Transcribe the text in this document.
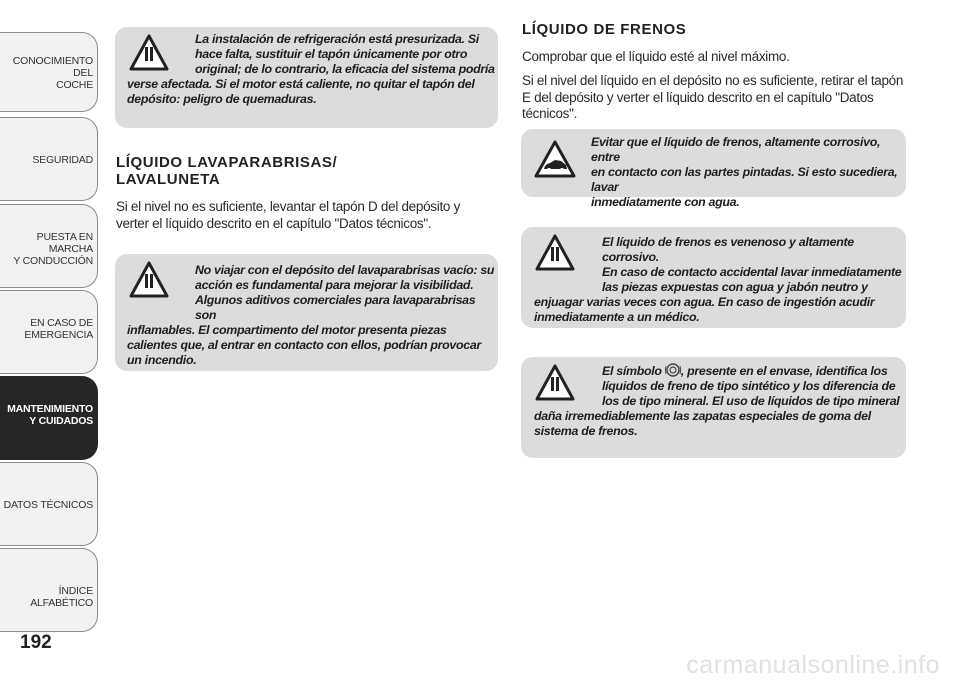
CONOCIMIENTO DEL
COCHE
SEGURIDAD
PUESTA EN MARCHA
Y CONDUCCIÓN
EN CASO DE
EMERGENCIA
MANTENIMIENTO
Y CUIDADOS
DATOS TÉCNICOS
ÍNDICE ALFABÉTICO
192
La instalación de refrigeración está presurizada. Si
hace falta, sustituir el tapón únicamente por otro
original; de lo contrario, la eficacia del sistema podría
verse afectada. Si el motor está caliente, no quitar el tapón del
depósito: peligro de quemaduras.
LÍQUIDO LAVAPARABRISAS/
LAVALUNETA
Si el nivel no es suficiente, levantar el tapón D del depósito y verter el líquido descrito en el capítulo "Datos técnicos".
No viajar con el depósito del lavaparabrisas vacío: su
acción es fundamental para mejorar la visibilidad.
Algunos aditivos comerciales para lavaparabrisas son
inflamables. El compartimento del motor presenta piezas
calientes que, al entrar en contacto con ellos, podrían provocar
un incendio.
LÍQUIDO DE FRENOS
Comprobar que el líquido esté al nivel máximo.
Si el nivel del líquido en el depósito no es suficiente, retirar el tapón E del depósito y verter el líquido descrito en el capítulo "Datos técnicos".
Evitar que el líquido de frenos, altamente corrosivo, entre
en contacto con las partes pintadas. Si esto sucediera, lavar
inmediatamente con agua.
El líquido de frenos es venenoso y altamente corrosivo.
En caso de contacto accidental lavar inmediatamente
las piezas expuestas con agua y jabón neutro y
enjuagar varias veces con agua. En caso de ingestión acudir
inmediatamente a un médico.
El símbolo , presente en el envase, identifica los
líquidos de freno de tipo sintético y los diferencia de
los de tipo mineral. El uso de líquidos de tipo mineral
daña irremediablemente las zapatas especiales de goma del
sistema de frenos.
carmanualsonline.info
